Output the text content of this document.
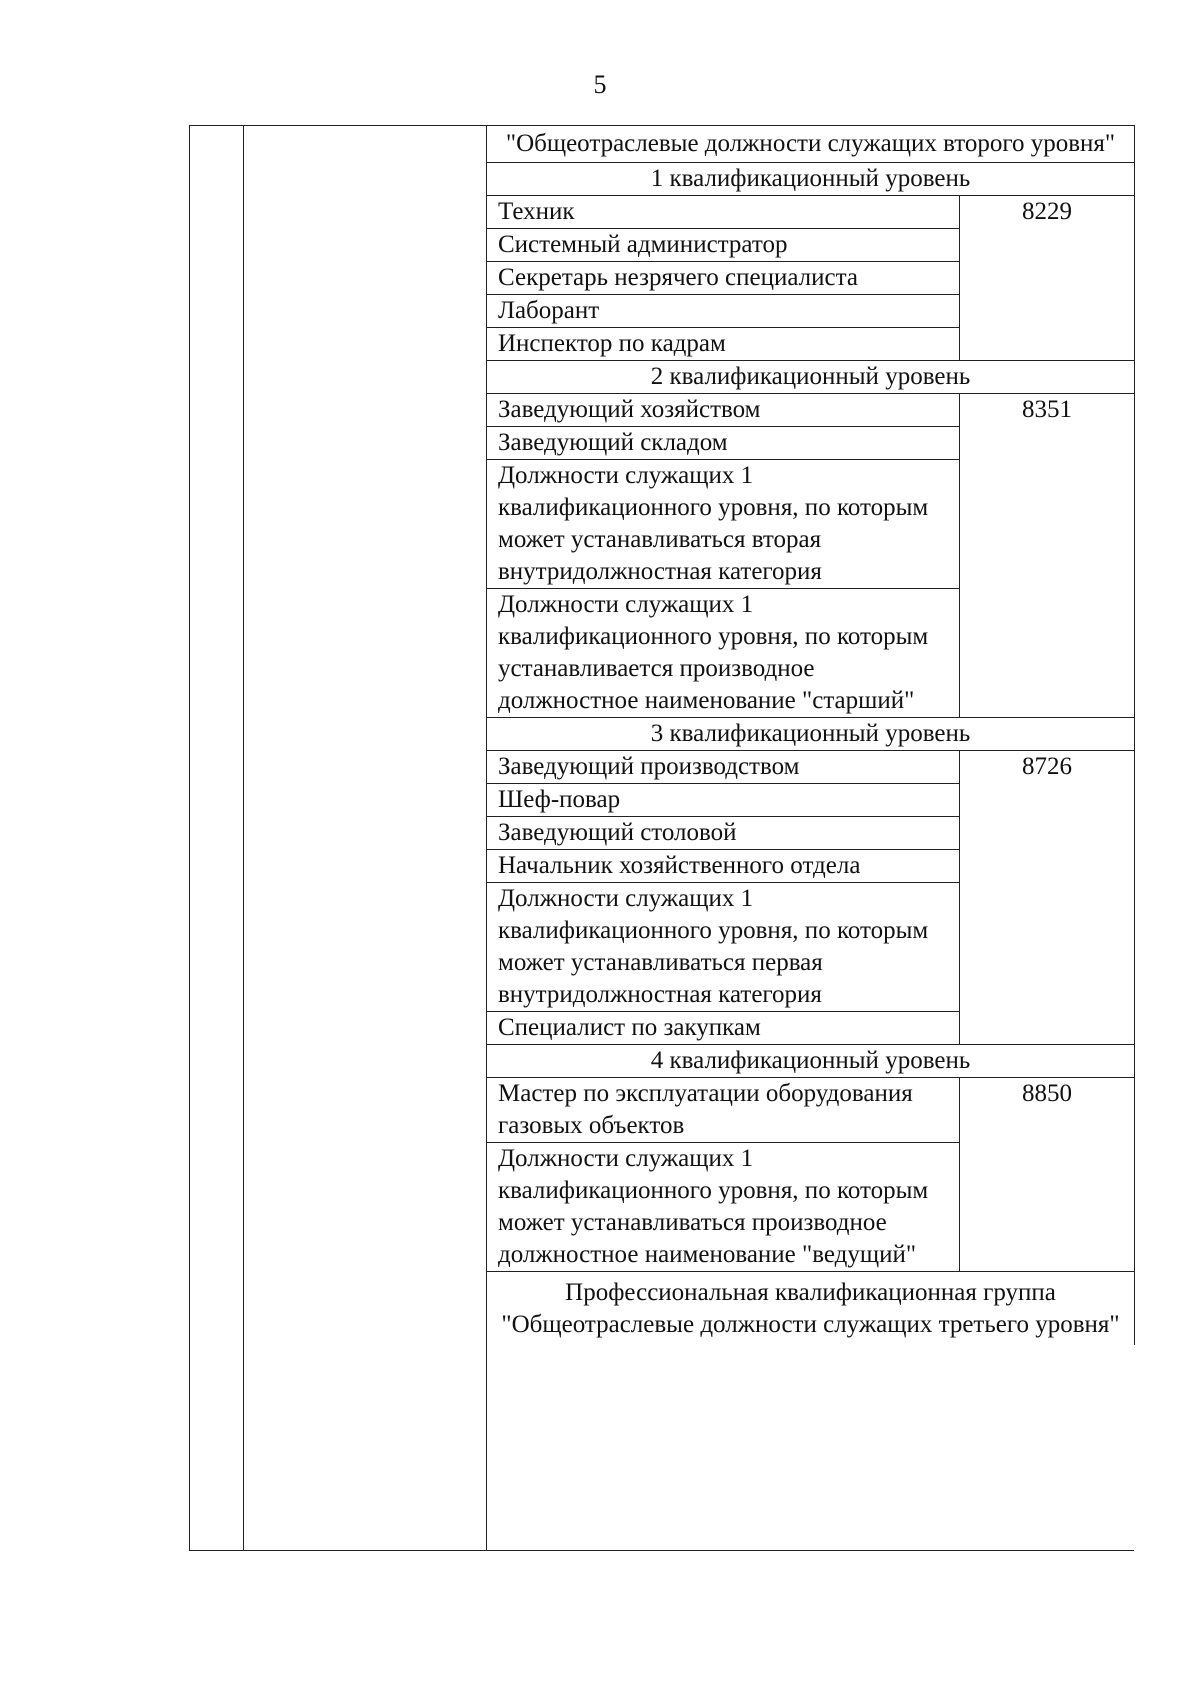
5
"Общеотраслевые должности служащих второго уровня"
1 квалификационный уровень
Техник
Системный администратор
Секретарь незрячего специалиста
Лаборант
Инспектор по кадрам
8229
2 квалификационный уровень
Заведующий хозяйством
Заведующий складом
Должности служащих 1 квалификационного уровня, по которым может устанавливаться вторая внутридолжностная категория
Должности служащих 1 квалификационного уровня, по которым устанавливается производное должностное наименование "старший"
8351
3 квалификационный уровень
Заведующий производством
Шеф-повар
Заведующий столовой
Начальник хозяйственного отдела
Должности служащих 1 квалификационного уровня, по которым может устанавливаться первая внутридолжностная категория
Специалист по закупкам
8726
4 квалификационный уровень
Мастер по эксплуатации оборудования газовых объектов
Должности служащих 1 квалификационного уровня, по которым может устанавливаться производное должностное наименование "ведущий"
8850
Профессиональная квалификационная группа "Общеотраслевые должности служащих третьего уровня"
